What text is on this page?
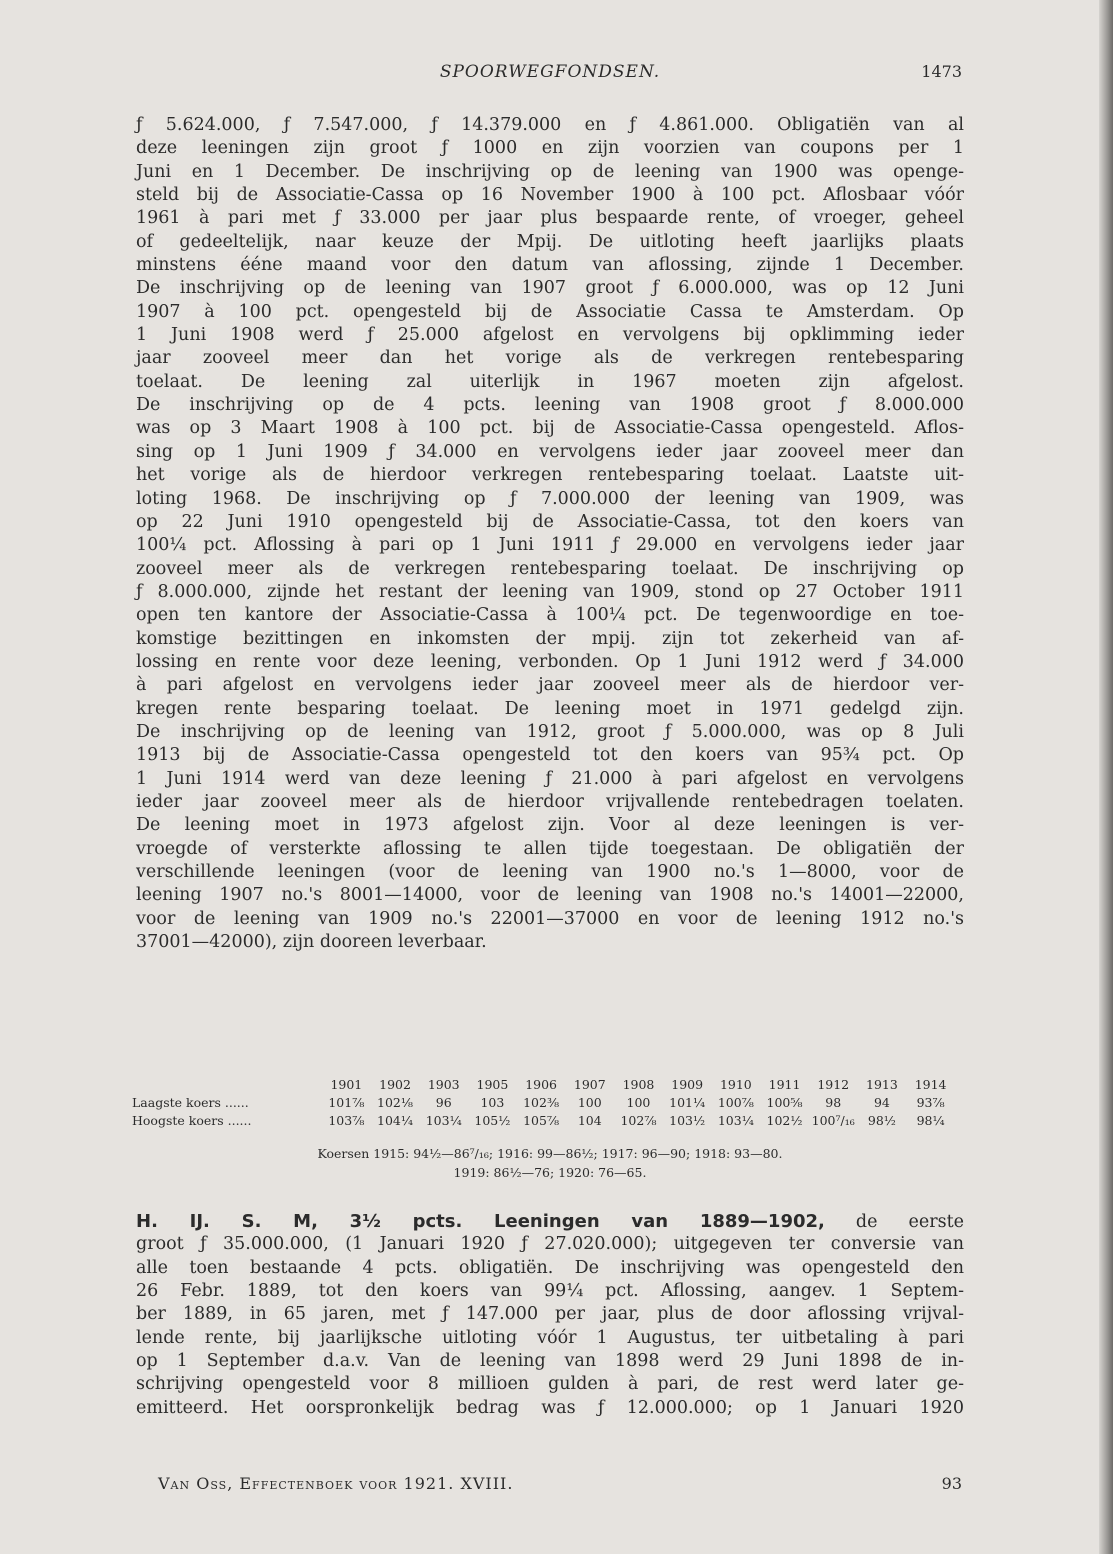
SPOORWEGFONDSEN.	1473
ƒ 5.624.000, ƒ 7.547.000, ƒ 14.379.000 en ƒ 4.861.000. Obligatiën van al
deze leeningen zijn groot ƒ 1000 en zijn voorzien van coupons per 1
Juni en 1 December. De inschrijving op de leening van 1900 was openge-
steld bij de Associatie-Cassa op 16 November 1900 à 100 pct. Aflosbaar vóór
1961 à pari met ƒ 33.000 per jaar plus bespaarde rente, of vroeger, geheel
of gedeeltelijk, naar keuze der Mpij. De uitloting heeft jaarlijks plaats
minstens ééne maand voor den datum van aflossing, zijnde 1 December.
De inschrijving op de leening van 1907 groot ƒ 6.000.000, was op 12 Juni
1907 à 100 pct. opengesteld bij de Associatie Cassa te Amsterdam. Op
1 Juni 1908 werd ƒ 25.000 afgelost en vervolgens bij opklimming ieder
jaar zooveel meer dan het vorige als de verkregen rentebesparing
toelaat. De leening zal uiterlijk in 1967 moeten zijn afgelost.
De inschrijving op de 4 pcts. leening van 1908 groot ƒ 8.000.000
was op 3 Maart 1908 à 100 pct. bij de Associatie-Cassa opengesteld. Aflos-
sing op 1 Juni 1909 ƒ 34.000 en vervolgens ieder jaar zooveel meer dan
het vorige als de hierdoor verkregen rentebesparing toelaat. Laatste uit-
loting 1968. De inschrijving op ƒ 7.000.000 der leening van 1909, was
op 22 Juni 1910 opengesteld bij de Associatie-Cassa, tot den koers van
100¼ pct. Aflossing à pari op 1 Juni 1911 ƒ 29.000 en vervolgens ieder jaar
zooveel meer als de verkregen rentebesparing toelaat. De inschrijving op
ƒ 8.000.000, zijnde het restant der leening van 1909, stond op 27 October 1911
open ten kantore der Associatie-Cassa à 100¼ pct. De tegenwoordige en toe-
komstige bezittingen en inkomsten der mpij. zijn tot zekerheid van af-
lossing en rente voor deze leening, verbonden. Op 1 Juni 1912 werd ƒ 34.000
à pari afgelost en vervolgens ieder jaar zooveel meer als de hierdoor ver-
kregen rente besparing toelaat. De leening moet in 1971 gedelgd zijn.
De inschrijving op de leening van 1912, groot ƒ 5.000.000, was op 8 Juli
1913 bij de Associatie-Cassa opengesteld tot den koers van 95¾ pct. Op
1 Juni 1914 werd van deze leening ƒ 21.000 à pari afgelost en vervolgens
ieder jaar zooveel meer als de hierdoor vrijvallende rentebedragen toelaten.
De leening moet in 1973 afgelost zijn. Voor al deze leeningen is ver-
vroegde of versterkte aflossing te allen tijde toegestaan. De obligatiën der
verschillende leeningen (voor de leening van 1900 no.'s 1—8000, voor de
leening 1907 no.'s 8001—14000, voor de leening van 1908 no.'s 14001—22000,
voor de leening van 1909 no.'s 22001—37000 en voor de leening 1912 no.'s
37001—42000), zijn dooreen leverbaar.
	1901	1902	1903	1905	1906	1907	1908	1909	1910	1911	1912	1913	1914
Laagste koers ......	101⅞	102⅛	96	103	102⅜	100	100	101¼	100⅞	100⅝	98	94	93⅞
Hoogste koers ......	103⅞	104¼	103¼	105½	105⅞	104	102⅞	103½	103¼	102½	100⁷/₁₆	98½	98¼
Koersen 1915: 94½—86⁷/₁₆; 1916: 99—86½; 1917: 96—90; 1918: 93—80.
1919: 86½—76; 1920: 76—65.
H. IJ. S. M, 3½ pcts. Leeningen van 1889—1902, de eerste
groot ƒ 35.000.000, (1 Januari 1920 ƒ 27.020.000); uitgegeven ter conversie van
alle toen bestaande 4 pcts. obligatiën. De inschrijving was opengesteld den
26 Febr. 1889, tot den koers van 99¼ pct. Aflossing, aangev. 1 Septem-
ber 1889, in 65 jaren, met ƒ 147.000 per jaar, plus de door aflossing vrijval-
lende rente, bij jaarlijksche uitloting vóór 1 Augustus, ter uitbetaling à pari
op 1 September d.a.v. Van de leening van 1898 werd 29 Juni 1898 de in-
schrijving opengesteld voor 8 millioen gulden à pari, de rest werd later ge-
emitteerd. Het oorspronkelijk bedrag was ƒ 12.000.000; op 1 Januari 1920
Van Oss, Effectenboek voor 1921. XVIII.	93
